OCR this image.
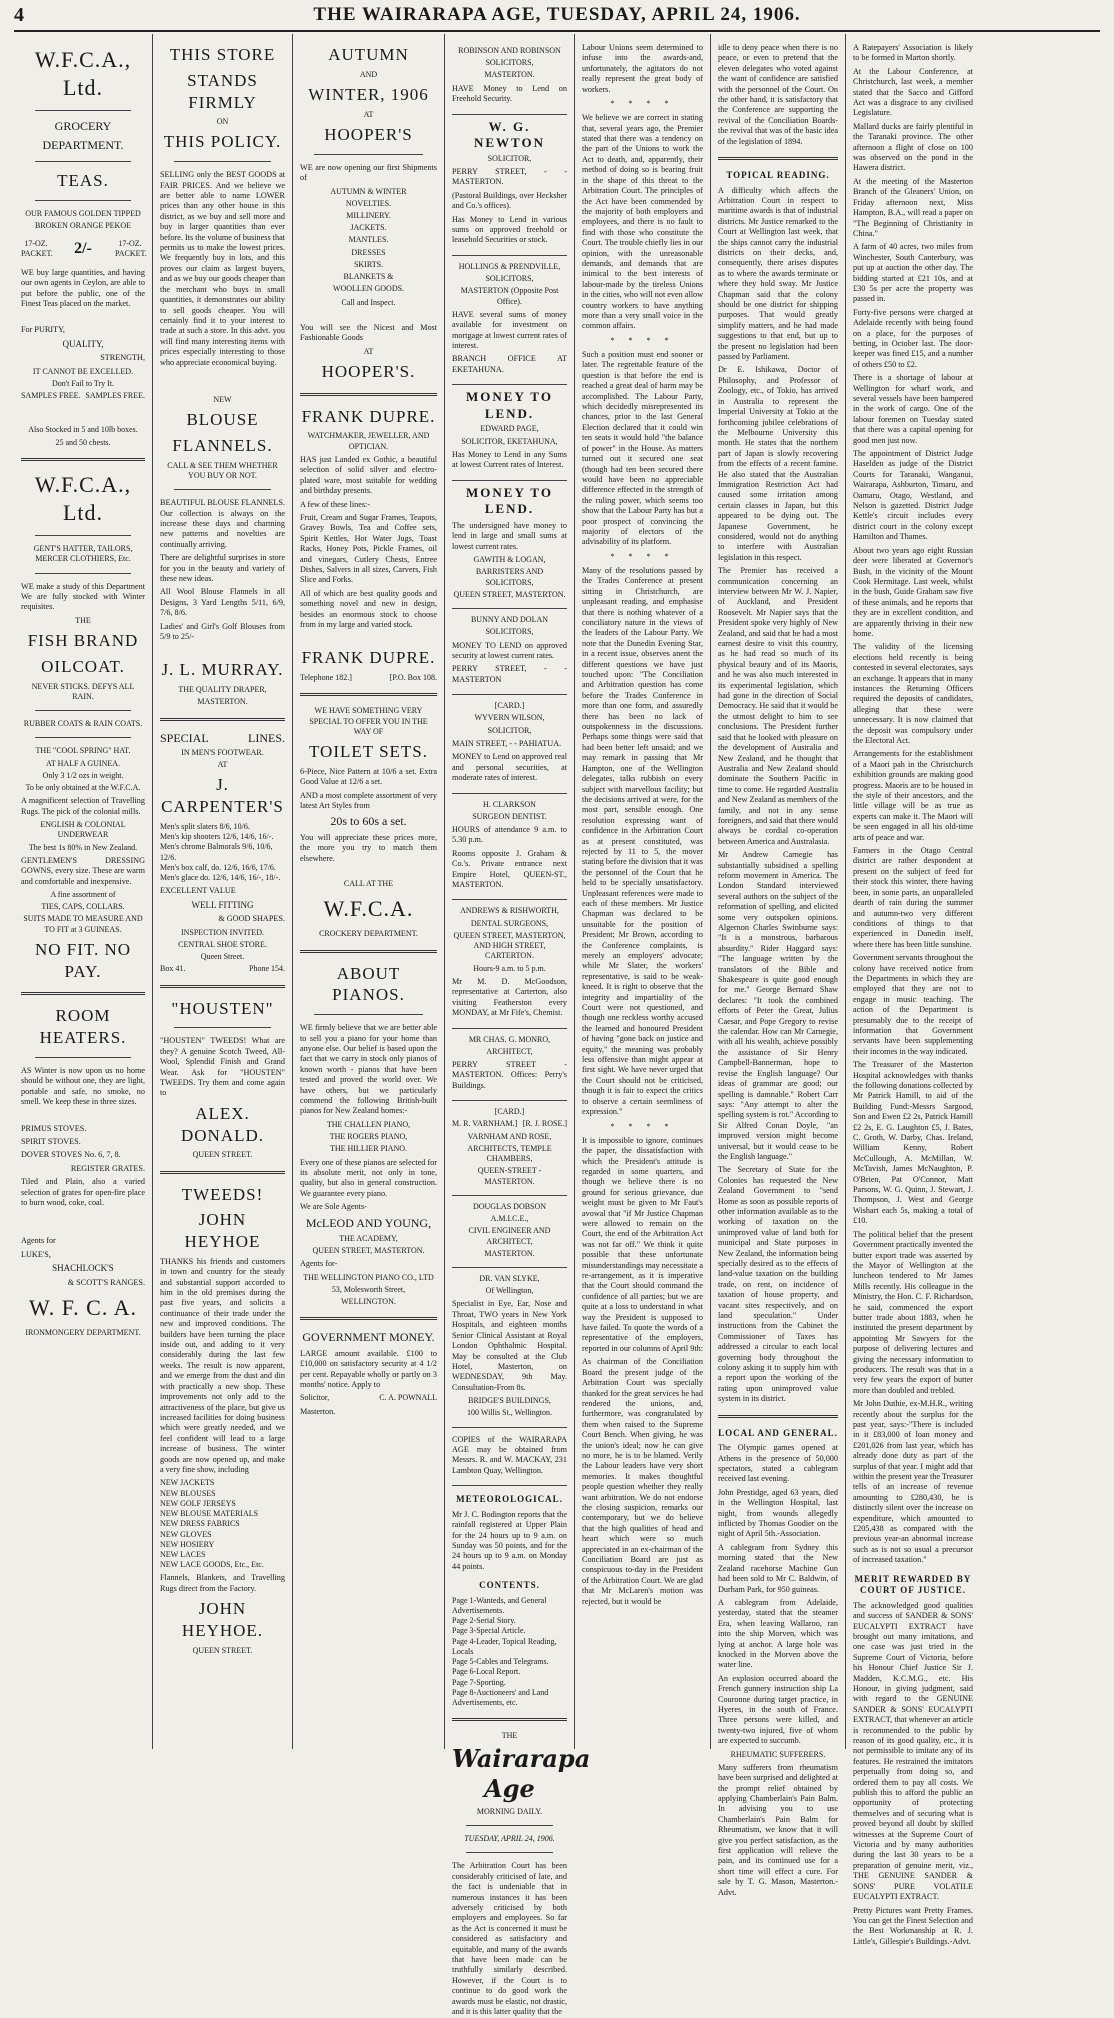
4	THE WAIRARAPA AGE, TUESDAY, APRIL 24, 1906.
W.F.C.A., Ltd.
GROCERY
DEPARTMENT.
TEAS.
OUR FAMOUS GOLDEN TIPPED
BROKEN ORANGE PEKOE
17-OZ. PACKET. 2/-	17-OZ. PACKET.
WE buy large quantities, and having our own agents in Ceylon, are able to put before the public, one of the Finest Teas placed on the market.
For PURITY,
QUALITY,
STRENGTH,
IT CANNOT BE EXCELLED.
Don't Fail to Try It.
SAMPLES FREE. SAMPLES FREE.
Also Stocked in 5 and 10lb boxes.
25 and 50 chests.
W.F.C.A., Ltd.
GENT'S HATTER, TAILORS, MERCER CLOTHIERS, Etc.
WE make a study of this Department We are fully stocked with Winter requisites.
THE
FISH BRAND
OILCOAT.
NEVER STICKS. DEFYS ALL RAIN.
RUBBER COATS & RAIN COATS.
THE "COOL SPRING" HAT.
AT HALF A GUINEA.
Only 3 1/2 ozs in weight.
To be only obtained at the W.F.C.A.
A magnificent selection of Travelling Rugs. The pick of the colonial mills.
ENGLISH & COLONIAL UNDERWEAR
The best 1s 80% in New Zealand.
GENTLEMEN'S DRESSING GOWNS, every size. These are warm and comfortable and inexpensive.
A fine assortment of
TIES, CAPS, COLLARS.
SUITS MADE TO MEASURE AND TO FIT at 3 GUINEAS.
NO FIT. NO PAY.
ROOM HEATERS.
AS Winter is now upon us no home should be without one, they are light, portable and safe, no smoke, no smell. We keep these in three sizes.
PRIMUS STOVES.
SPIRIT STOVES.
DOVER STOVES No. 6, 7, 8.
REGISTER GRATES.
Tiled and Plain, also a varied selection of grates for open-fire place to burn wood, coke, coal.
Agents for
LUKE'S,
SHACHLOCK'S
& SCOTT'S RANGES.
W. F. C. A.
IRONMONGERY DEPARTMENT.
THIS STORE
STANDS FIRMLY
ON
THIS POLICY.
SELLING only the BEST GOODS at FAIR PRICES. And we believe we are better able to name LOWER prices than any other house in this district, as we buy and sell more and buy in larger quantities than ever before. Its the volume of business that permits us to make the lowest prices. We frequently buy in lots, and this proves our claim as largest buyers, and as we buy our goods cheaper than the merchant who buys in small quantities, it demonstrates our ability to sell goods cheaper. You will certainly find it to your interest to trade at such a store. In this advt. you will find many interesting items with prices especially interesting to those who appreciate economical buying.
NEW
BLOUSE
FLANNELS.
CALL & SEE THEM WHETHER YOU BUY OR NOT.
BEAUTIFUL BLOUSE FLANNELS. Our collection is always on the increase these days and charming new patterns and novelties are continually arriving.
There are delightful surprises in store for you in the beauty and variety of these new ideas.
All Wool Blouse Flannels in all Designs, 3 Yard Lengths 5/11, 6/9, 7/6, 8/6.
Ladies' and Girl's Golf Blouses from 5/9 to 25/-
J. L. MURRAY.
THE QUALITY DRAPER,
MASTERTON.
SPECIAL	LINES.
IN MEN'S FOOTWEAR.
AT
J. CARPENTER'S
Men's split slaters 8/6, 10/6.
Men's kip shooters 12/6, 14/6, 16/-.
Men's chrome Balmorals 9/6, 10/6, 12/6.
Men's box calf, do. 12/6, 16/6, 17/6.
Men's glace do. 12/6, 14/6, 16/-, 18/-.
EXCELLENT VALUE
WELL FITTING
& GOOD SHAPES.
INSPECTION INVITED.
CENTRAL SHOE STORE.
Queen Street.
Box 41.	Phone 154.
"HOUSTEN"
"HOUSTEN" TWEEDS! What are they? A genuine Scotch Tweed, All-Wool, Splendid Finish and Grand Wear. Ask for "HOUSTEN" TWEEDS. Try them and come again to
ALEX. DONALD.
QUEEN STREET.
TWEEDS!
JOHN HEYHOE
THANKS his friends and customers in town and country for the steady and substantial support accorded to him in the old premises during the past five years, and solicits a continuance of their trade under the new and improved conditions. The builders have been turning the place inside out, and adding to it very considerably during the last few weeks. The result is now apparent, and we emerge from the dust and din with practically a new shop. These improvements not only add to the attractiveness of the place, but give us increased facilities for doing business which were greatly needed, and we feel confident will lead to a large increase of business. The winter goods are now opened up, and make a very fine show, including
NEW JACKETS
NEW BLOUSES
NEW GOLF JERSEYS
NEW BLOUSE MATERIALS
NEW DRESS FABRICS
NEW GLOVES
NEW HOSIERY
NEW LACES
NEW LACE GOODS, Etc., Etc.
Flannels, Blankets, and Travelling Rugs direct from the Factory.
JOHN HEYHOE.
QUEEN STREET.
AUTUMN
AND
WINTER, 1906
AT
HOOPER'S
WE are now opening our first Shipments of
AUTUMN & WINTER
NOVELTIES.
MILLINERY.
JACKETS.
MANTLES.
DRESSES
SKIRTS.
BLANKETS &
WOOLLEN GOODS.
Call and Inspect.
You will see the Nicest and Most Fashionable Goods
AT
HOOPER'S.
FRANK DUPRE.
WATCHMAKER, JEWELLER, AND OPTICIAN.
HAS just Landed ex Gothic, a beautiful selection of solid silver and electro-plated ware, most suitable for wedding and birthday presents.
A few of these lines:-
Fruit, Cream and Sugar Frames, Teapots, Gravey Bowls, Tea and Coffee sets, Spirit Kettles, Hot Water Jugs, Toast Racks, Honey Pots, Pickle Frames, oil and vinegars, Cutlery Chests, Entree Dishes, Salvers in all sizes, Carvers, Fish Slice and Forks.
All of which are best quality goods and something novel and new in design, besides an enormous stock to choose from in my large and varied stock.
FRANK DUPRE.
Telephone 182.]	[P.O. Box 108.
WE HAVE SOMETHING VERY SPECIAL TO OFFER YOU IN THE WAY OF
TOILET SETS.
6-Piece, Nice Pattern at 10/6 a set. Extra Good Value at 12/6 a set.
AND a most complete assortment of very latest Art Styles from
20s to 60s a set.
You will appreciate these prices more, the more you try to match them elsewhere.
CALL AT THE
W.F.C.A.
CROCKERY DEPARTMENT.
ABOUT PIANOS.
WE firmly believe that we are better able to sell you a piano for your home than anyone else. Our belief is based upon the fact that we carry in stock only pianos of known worth - pianos that have been tested and proved the world over. We have others, but we particularly commend the following British-built pianos for New Zealand homes:-
THE CHALLEN PIANO,
THE ROGERS PIANO,
THE HILLIER PIANO.
Every one of these pianos are selected for its absolute merit, not only in tone, quality, but also in general construction. We guarantee every piano.
We are Sole Agents-
McLEOD AND YOUNG,
THE ACADEMY,
QUEEN STREET, MASTERTON.
Agents for-
THE WELLINGTON PIANO CO., LTD
53, Molesworth Street,
WELLINGTON.
GOVERNMENT MONEY.
LARGE amount available. £100 to £10,000 on satisfactory security at 4 1/2 per cent. Repayable wholly or partly on 3 months' notice. Apply to
Solicitor,	C. A. POWNALL
Masterton.
ROBINSON AND ROBINSON
SOLICITORS,
MASTERTON.
HAVE Money to Lend on Freehold Security.
W. G. NEWTON
SOLICITOR,
PERRY STREET, - - MASTERTON.
(Pastoral Buildings, over Hecksher and Co.'s offices).
Has Money to Lend in various sums on approved freehold or leasehold Securities or stock.
HOLLINGS & PRENDVILLE,
SOLICITORS,
MASTERTON (Opposite Post Office).
HAVE several sums of money available for investment on mortgage at lowest current rates of interest.
BRANCH OFFICE AT EKETAHUNA.
MONEY TO LEND.
EDWARD PAGE,
SOLICITOR, EKETAHUNA,
Has Money to Lend in any Sums at lowest Current rates of Interest.
MONEY TO LEND.
The undersigned have money to lend in large and small sums at lowest current rates.
GAWITH & LOGAN,
BARRISTERS AND SOLICITORS,
QUEEN STREET, MASTERTON.
BUNNY AND DOLAN
SOLICITORS,
MONEY TO LEND on approved security at lowest current rates.
PERRY STREET, - - MASTERTON
[CARD.]
WYVERN WILSON,
SOLICITOR,
MAIN STREET, - - PAHIATUA.
MONEY to Lend on approved real and personal securities, at moderate rates of interest.
H. CLARKSON
SURGEON DENTIST.
HOURS of attendance 9 a.m. to 5.30 p.m.
Rooms opposite J. Graham & Co.'s. Private entrance next Empire Hotel, QUEEN-ST., MASTERTON.
ANDREWS & RISHWORTH,
DENTAL SURGEONS,
QUEEN STREET, MASTERTON, AND HIGH STREET, CARTERTON.
Hours-9 a.m. to 5 p.m.
Mr M. D. McGoodson, representative at Carterton, also visiting Featherston every MONDAY, at Mr Fife's, Chemist.
MR CHAS. G. MONRO,
ARCHITECT,
PERRY STREET - MASTERTON. Offices: Perry's Buildings.
[CARD.]
M. R. VARNHAM.] [R. J. ROSE.]
VARNHAM AND ROSE,
ARCHITECTS, TEMPLE CHAMBERS,
QUEEN-STREET - MASTERTON.
DOUGLAS DOBSON
A.M.I.C.E.,
CIVIL ENGINEER AND ARCHITECT,
MASTERTON.
DR. VAN SLYKE,
Of Wellington,
Specialist in Eye, Ear, Nose and Throat, TWO years in New York Hospitals, and eighteen months Senior Clinical Assistant at Royal London Ophthalmic Hospital. May be consulted at the Club Hotel, Masterton, on WEDNESDAY, 9th May. Consultation-From 8s.
BRIDGE'S BUILDINGS,
100 Willis St., Wellington.
COPIES of the WAIRARAPA AGE may be obtained from Messrs. R. and W. MACKAY, 231 Lambton Quay, Wellington.
METEOROLOGICAL.
Mr J. C. Bodington reports that the rainfall registered at Upper Plain for the 24 hours up to 9 a.m. on Sunday was 50 points, and for the 24 hours up to 9 a.m. on Monday 44 points.
CONTENTS.
Page 1-Wanteds, and General Advertisements.
Page 2-Serial Story.
Page 3-Special Article.
Page 4-Leader, Topical Reading, Locals
Page 5-Cables and Telegrams.
Page 6-Local Report.
Page 7-Sporting.
Page 8-Auctioneers' and Land Advertisements, etc.
THE
Wairarapa Age
MORNING DAILY.
TUESDAY, APRIL 24, 1906.
The Arbitration Court has been considerably criticised of late, and the fact is undeniable that in numerous instances it has been adversely criticised by both employers and employees. So far as the Act is concerned it must be considered as satisfactory and equitable, and many of the awards that have been made can be truthfully similarly described. However, if the Court is to continue to do good work the awards must be elastic, not drastic, and it is this latter quality that the
Labour Unions seem determined to infuse into the awards-and, unfortunately, the agitators do not really represent the great body of workers.
* * * *
We believe we are correct in stating that, several years ago, the Premier stated that there was a tendency on the part of the Unions to work the Act to death, and, apparently, their method of doing so is bearing fruit in the shape of this threat to the Arbitration Court. The principles of the Act have been commended by the majority of both employers and employees, and there is no fault to find with those who constitute the Court. The trouble chiefly lies in our opinion, with the unreasonable demands, and demands that are inimical to the best interests of labour-made by the tireless Unions in the cities, who will not even allow country workers to have anything more than a very small voice in the common affairs.
* * * *
Such a position must end sooner or later. The regrettable feature of the question is that before the end is reached a great deal of harm may be accomplished. The Labour Party, which decidedly misrepresented its chances, prior to the last General Election declared that it could win ten seats it would hold "the balance of power" in the House. As matters turned out it secured one seat (though had ten been secured there would have been no appreciable difference effected in the strength of the ruling power, which seems too show that the Labour Party has but a poor prospect of convincing the majority of electors of the advisability of its platform.
* * * *
Many of the resolutions passed by the Trades Conference at present sitting in Christchurch, are unpleasant reading, and emphasise that there is nothing whatever of a conciliatory nature in the views of the leaders of the Labour Party. We note that the Dunedin Evening Star, in a recent issue, observes anent the different questions we have just touched upon: "The Conciliation and Arbitration question has come before the Trades Conference in more than one form, and assuredly there has been no lack of outspokenness in the discussions. Perhaps some things were said that had been better left unsaid; and we may remark in passing that Mr Hampton, one of the Wellington delegates, talks rubbish on every subject with marvellous facility; but the decisions arrived at were, for the most part, sensible enough. One resolution expressing want of confidence in the Arbitration Court as at present constituted, was rejected by 11 to 5, the mover stating before the division that it was the personnel of the Court that he held to be specially unsatisfactory. Unpleasant references were made to each of these members. Mr Justice Chapman was declared to be unsuitable for the position of President; Mr Brown, according to the Conference complaints, is merely an employers' advocate; while Mr Slater, the workers' representative, is said to be weak-kneed. It is right to observe that the integrity and impartiality of the Court were not questioned, and though one reckless worthy accused the learned and honoured President of having "gone back on justice and equity," the meaning was probably less offensive than might appear at first sight. We have never urged that the Court should not be criticised, though it is fair to expect the critics to observe a certain seemliness of expression."
* * * *
It is impossible to ignore, continues the paper, the dissatisfaction with which the President's attitude is regarded in some quarters, and though we believe there is no ground for serious grievance, due weight must be given to Mr Faut's avowal that "if Mr Justice Chapman were allowed to remain on the Court, the end of the Arbitration Act was not far off." We think it quite possible that these unfortunate misunderstandings may necessitate a re-arrangement, as it is imperative that the Court should command the confidence of all parties; but we are quite at a loss to understand in what way the President is supposed to have failed. To quote the words of a representative of the employers, reported in our columns of April 9th:
As chairman of the Conciliation Board the present judge of the Arbitration Court was specially thanked for the great services he had rendered the unions, and, furthermore, was congratulated by them when raised to the Supreme Court Bench. When giving, he was the union's ideal; now he can give no more, he is to be blamed. Verily the Labour leaders have very short memories. It makes thoughtful people question whether they really want arbitration. We do not endorse the closing suspicion, remarks our contemporary, but we do believe that the high qualities of head and heart which were so much appreciated in an ex-chairman of the Conciliation Board are just as conspicuous to-day in the President of the Arbitration Court. We are glad that Mr McLaren's motion was rejected, but it would be
idle to deny peace when there is no peace, or even to pretend that the eleven delegates who voted against the want of confidence are satisfied with the personnel of the Court. On the other hand, it is satisfactory that the Conference are supporting the revival of the Conciliation Boards-the revival that was of the basic idea of the legislation of 1894.
TOPICAL READING.
A difficulty which affects the Arbitration Court in respect to maritime awards is that of industrial districts. Mr Justice remarked to the Court at Wellington last week, that the ships cannot carry the industrial districts on their decks, and, consequently, there arises disputes as to where the awards terminate or where they hold sway. Mr Justice Chapman said that the colony should be one district for shipping purposes. That would greatly simplify matters, and he had made suggestions to that end, but up to the present no legislation had been passed by Parliament.
Dr E. Ishikawa, Doctor of Philosophy, and Professor of Zoology, etc., of Tokio, has arrived in Australia to represent the Imperial University at Tokio at the forthcoming jubilee celebrations of the Melbourne University this month. He states that the northern part of Japan is slowly recovering from the effects of a recent famine. He also stated that the Australian Immigration Restriction Act had caused some irritation among certain classes in Japan, but this appeared to be dying out. The Japanese Government, he considered, would not do anything to interfere with Australian legislation in this respect.
The Premier has received a communication concerning an interview between Mr W. J. Napier, of Auckland, and President Roosevelt. Mr Napier says that the President spoke very highly of New Zealand, and said that he had a most earnest desire to visit this country, as he had read so much of its physical beauty and of its Maoris, and he was also much interested in its experimental legislation, which had gone in the direction of Social Democracy. He said that it would be the utmost delight to him to see conclusions. The President further said that he looked with pleasure on the development of Australia and New Zealand, and he thought that Australia and New Zealand should dominate the Southern Pacific in time to come. He regarded Australia and New Zealand as members of the family, and not in any sense foreigners, and said that there would always be cordial co-operation between America and Australasia.
Mr Andrew Carnegie has substantially subsidised a spelling reform movement in America. The London Standard interviewed several authors on the subject of the reformation of spelling, and elicited some very outspoken opinions. Algernon Charles Swinburne says: "It is a monstrous, barbarous absurdity." Rider Haggard says: "The language written by the translators of the Bible and Shakespeare is quite good enough for me." George Bernard Shaw declares: "It took the combined efforts of Peter the Great, Julius Caesar, and Pope Gregory to revise the calendar. How can Mr Carnegie, with all his wealth, achieve possibly the assistance of Sir Henry Campbell-Bannerman, hope to revise the English language? Our ideas of grammar are good; our spelling is damnable." Robert Carr says: "Any attempt to alter the spelling system is rot." According to Sir Alfred Conan Doyle, "an improved version might become universal, but it would cease to be the English language."
The Secretary of State for the Colonies has requested the New Zealand Government to "send Home as soon as possible reports of other information available as to the working of taxation on the unimproved value of land both for municipal and State purposes in New Zealand, the information being specially desired as to the effects of land-value taxation on the building trade, on rent, on incidence of taxation of house property, and vacant sites respectively, and on land speculation." Under instructions from the Cabinet the Commissioner of Taxes has addressed a circular to each local governing body throughout the colony asking it to supply him with a report upon the working of the rating upon unimproved value system in its district.
LOCAL AND GENERAL.
The Olympic games opened at Athens in the presence of 50,000 spectators, stated a cablegram received last evening.
John Prestidge, aged 63 years, died in the Wellington Hospital, last night, from wounds allegedly inflicted by Thomas Goodier on the night of April 5th.-Association.
A cablegram from Sydney this morning stated that the New Zealand racehorse Machine Gun had been sold to Mr C. Baldwin, of Durham Park, for 950 guineas.
A cablegram from Adelaide, yesterday, stated that the steamer Era, when leaving Wallaroo, ran into the ship Morven, which was lying at anchor. A large hole was knocked in the Morven above the water line.
An explosion occurred aboard the French gunnery instruction ship La Couronne during target practice, in Hyeres, in the south of France. Three persons were killed, and twenty-two injured, five of whom are expected to succumb.
RHEUMATIC SUFFERERS.
Many sufferers from rheumatism have been surprised and delighted at the prompt relief obtained by applying Chamberlain's Pain Balm. In advising you to use Chamberlain's Pain Balm for Rheumatism, we know that it will give you perfect satisfaction, as the first application will relieve the pain, and its continued use for a short time will effect a cure. For sale by T. G. Mason, Masterton.-Advt.
A Ratepayers' Association is likely to be formed in Marton shortly.
At the Labour Conference, at Christchurch, last week, a member stated that the Sacco and Gifford Act was a disgrace to any civilised Legislature.
Mallard ducks are fairly plentiful in the Taranaki province. The other afternoon a flight of close on 100 was observed on the pond in the Hawera district.
At the meeting of the Masterton Branch of the Gleaners' Union, on Friday afternoon next, Miss Hampton, B.A., will read a paper on "The Beginning of Christianity in China."
A farm of 40 acres, two miles from Winchester, South Canterbury, was put up at auction the other day. The bidding started at £21 10s, and at £30 5s per acre the property was passed in.
Forty-five persons were charged at Adelaide recently with being found on a place, for the purposes of betting, in October last. The door-keeper was fined £15, and a number of others £50 to £2.
There is a shortage of labour at Wellington for wharf work, and several vessels have been hampered in the work of cargo. One of the labour foremen on Tuesday stated that there was a capital opening for good men just now.
The appointment of District Judge Haselden as judge of the District Courts for Taranaki, Wanganui, Wairarapa, Ashburton, Timaru, and Oamaru, Otago, Westland, and Nelson is gazetted. District Judge Kettle's circuit includes every district court in the colony except Hamilton and Thames.
About two years ago eight Russian deer were liberated at Governor's Bush, in the vicinity of the Mount Cook Hermitage. Last week, whilst in the bush, Guide Graham saw five of these animals, and he reports that they are in excellent condition, and are apparently thriving in their new home.
The validity of the licensing elections held recently is being contested in several electorates, says an exchange. It appears that in many instances the Returning Officers required the deposits of candidates, alleging that these were unnecessary. It is now claimed that the deposit was compulsory under the Electoral Act.
Arrangements for the establishment of a Maori pah in the Christchurch exhibition grounds are making good progress. Maoris are to be housed in the style of their ancestors, and the little village will be as true as experts can make it. The Maori will be seen engaged in all his old-time arts of peace and war.
Farmers in the Otago Central district are rather despondent at present on the subject of feed for their stock this winter, there having been, in some parts, an unparalleled dearth of rain during the summer and autumn-two very different conditions of things to that experienced in Dunedin itself, where there has been little sunshine.
Government servants throughout the colony have received notice from the Departments in which they are employed that they are not to engage in music teaching. The action of the Department is presumably due to the receipt of information that Government servants have been supplementing their incomes in the way indicated.
The Treasurer of the Masterton Hospital acknowledges with thanks the following donations collected by Mr Patrick Hamill, to aid of the Building Fund:-Messrs Sargood, Son and Ewen £2 2s, Patrick Hamill £2 2s, E. G. Laughton £5, J. Bates, C. Groth, W. Darby, Chas. Ireland, William Kenny, Robert McCullough, A. McMillan, W. McTavish, James McNaughton, P. O'Brien, Pat O'Connor, Matt Parsons, W. G. Quinn, J. Stewart, J. Thompson, J. West and George Wishart each 5s, making a total of £10.
The political belief that the present Government practically invented the butter export trade was asserted by the Mayor of Wellington at the luncheon tendered to Mr James Mills recently. His colleague in the Ministry, the Hon. C. F. Richardson, he said, commenced the export butter trade about 1883, when he instituted the present department by appointing Mr Sawyers for the purpose of delivering lectures and giving the necessary information to producers. The result was that in a very few years the export of butter more than doubled and trebled.
Mr John Duthie, ex-M.H.R., writing recently about the surplus for the past year, says:-"There is included in it £83,000 of loan money and £201,026 from last year, which has already done duty as part of the surplus of that year. I might add that within the present year the Treasurer tells of an increase of revenue amounting to £280,430, he is distinctly silent over the increase on expenditure, which amounted to £205,438 as compared with the previous year-an abnormal increase such as is not so usual a precursor of increased taxation."
MERIT REWARDED BY COURT OF JUSTICE.
The acknowledged good qualities and success of SANDER & SONS' EUCALYPTI EXTRACT have brought out many imitations, and one case was just tried in the Supreme Court of Victoria, before his Honour Chief Justice Sir J. Madden, K.C.M.G., etc. His Honour, in giving judgment, said with regard to the GENUINE SANDER & SONS' EUCALYPTI EXTRACT, that whenever an article is recommended to the public by reason of its good quality, etc., it is not permissible to imitate any of its features. He restrained the imitators perpetually from doing so, and ordered them to pay all costs. We publish this to afford the public an opportunity of protecting themselves and of securing what is proved beyond all doubt by skilled witnesses at the Supreme Court of Victoria and by many authorities during the last 30 years to be a preparation of genuine merit, viz., THE GENUINE SANDER & SONS' PURE VOLATILE EUCALYPTI EXTRACT.
Pretty Pictures want Pretty Frames. You can get the Finest Selection and the Best Workmanship at R. J. Little's, Gillespie's Buildings.-Advt.
